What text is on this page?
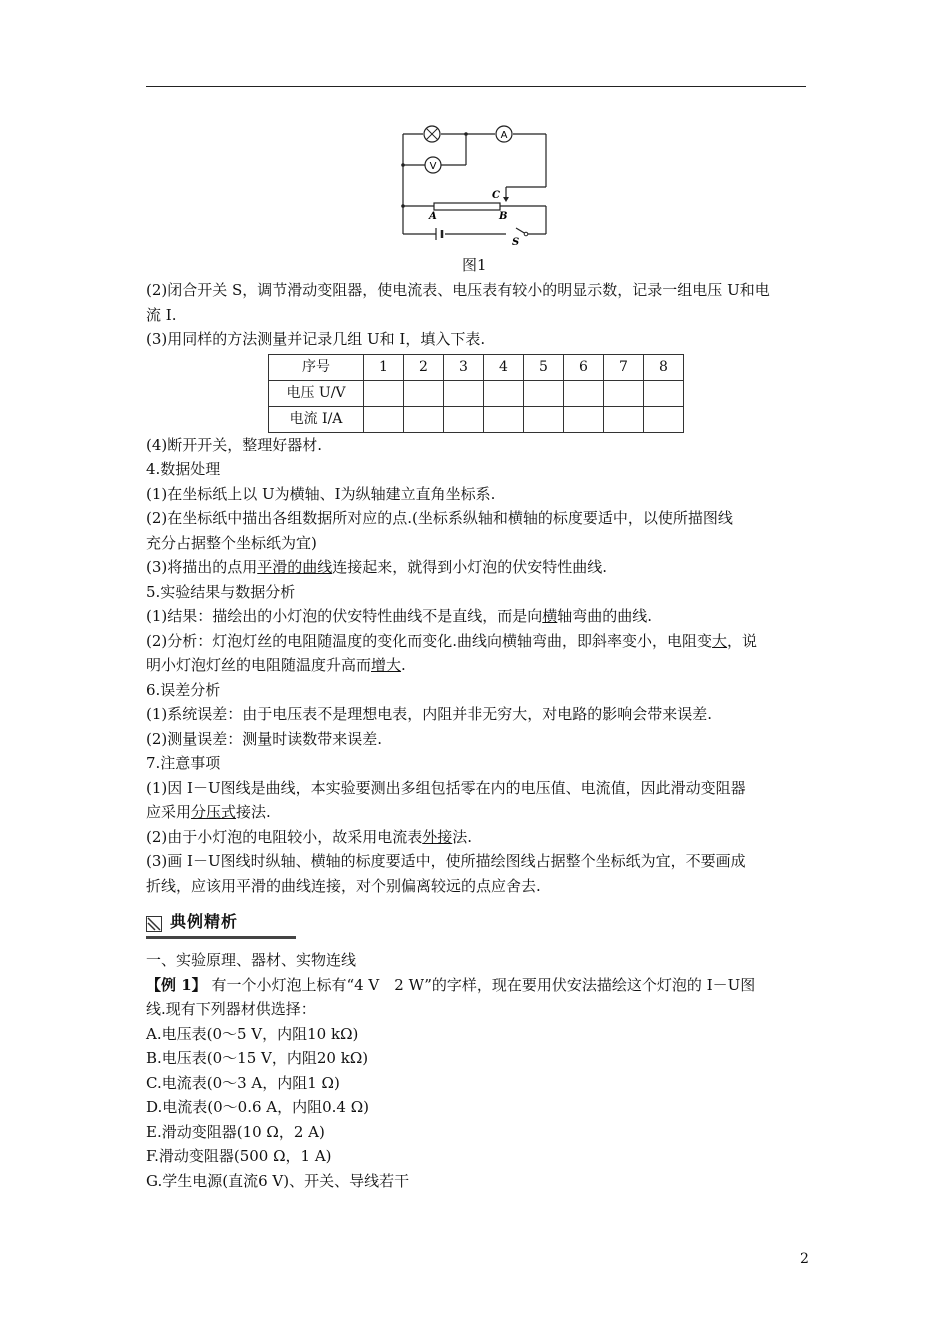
A
V
C
A	B
S
图1

(2)闭合开关 S，调节滑动变阻器，使电流表、电压表有较小的明显示数，记录一组电压 U和电

流 I.

(3)用同样的方法测量并记录几组 U和 I，填入下表.

序号	1	2	3	4	5	6	7	8
电压 U/V								
电流 I/A								

(4)断开开关，整理好器材.

4.数据处理

(1)在坐标纸上以 U为横轴、I为纵轴建立直角坐标系.

(2)在坐标纸中描出各组数据所对应的点.(坐标系纵轴和横轴的标度要适中，以使所描图线

充分占据整个坐标纸为宜)

(3)将描出的点用平滑的曲线连接起来，就得到小灯泡的伏安特性曲线.

5.实验结果与数据分析

(1)结果：描绘出的小灯泡的伏安特性曲线不是直线，而是向横轴弯曲的曲线.

(2)分析：灯泡灯丝的电阻随温度的变化而变化.曲线向横轴弯曲，即斜率变小，电阻变大，说

明小灯泡灯丝的电阻随温度升高而增大.

6.误差分析

(1)系统误差：由于电压表不是理想电表，内阻并非无穷大，对电路的影响会带来误差.

(2)测量误差：测量时读数带来误差.

7.注意事项

(1)因 I－U图线是曲线，本实验要测出多组包括零在内的电压值、电流值，因此滑动变阻器

应采用分压式接法.

(2)由于小灯泡的电阻较小，故采用电流表外接法.

(3)画 I－U图线时纵轴、横轴的标度要适中，使所描绘图线占据整个坐标纸为宜，不要画成

折线，应该用平滑的曲线连接，对个别偏离较远的点应舍去.

典例精析

一、实验原理、器材、实物连线

【例 1】 有一个小灯泡上标有“4 V　2 W”的字样，现在要用伏安法描绘这个灯泡的 I－U图

线.现有下列器材供选择：

A.电压表(0～5 V，内阻10 kΩ)

B.电压表(0～15 V，内阻20 kΩ)

C.电流表(0～3 A，内阻1 Ω)

D.电流表(0～0.6 A，内阻0.4 Ω)

E.滑动变阻器(10 Ω，2 A)

F.滑动变阻器(500 Ω，1 A)

G.学生电源(直流6 V)、开关、导线若干

2
